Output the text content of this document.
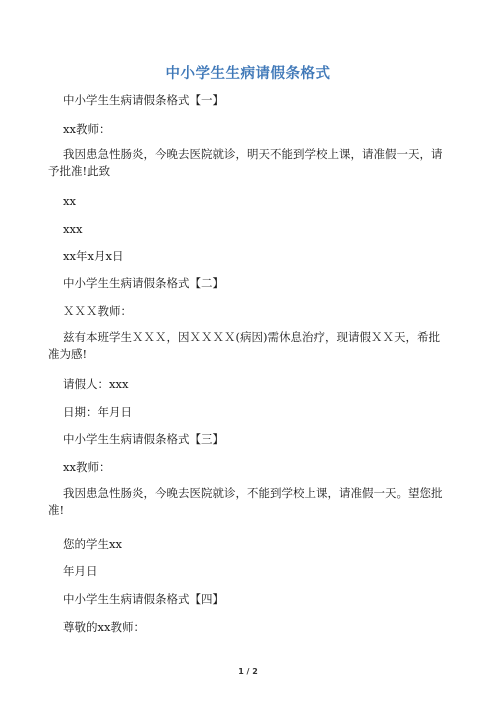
中小学生生病请假条格式
中小学生生病请假条格式【一】
xx教师：
我因患急性肠炎，今晚去医院就诊，明天不能到学校上课，请准假一天，请予批准!此致
xx
xxx
xx年x月x日
中小学生生病请假条格式【二】
ＸＸＸ教师：
兹有本班学生ＸＸＸ，因ＸＸＸＸ(病因)需休息治疗，现请假ＸＸ天，希批准为感!
请假人：xxx
日期：年月日
中小学生生病请假条格式【三】
xx教师：
我因患急性肠炎，今晚去医院就诊，不能到学校上课，请准假一天。望您批准!
您的学生xx
年月日
中小学生生病请假条格式【四】
尊敬的xx教师：
1 / 2
